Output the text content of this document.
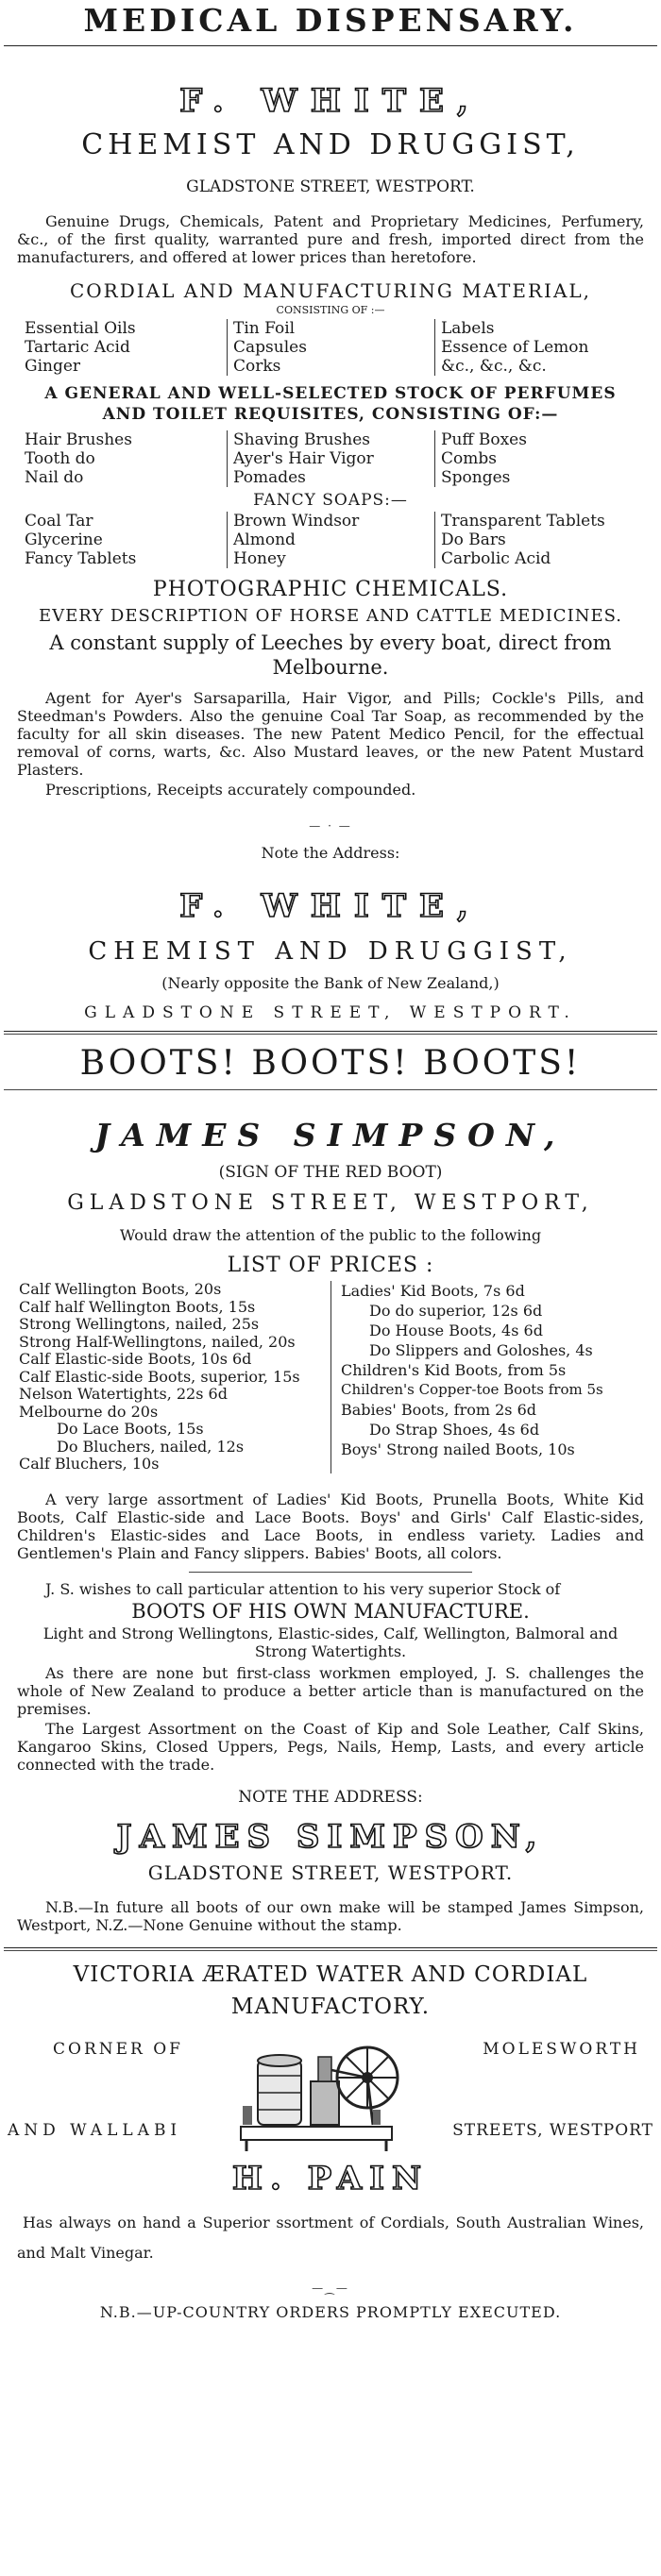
MEDICAL DISPENSARY.
F. WHITE,
CHEMIST AND DRUGGIST,
GLADSTONE STREET, WESTPORT.
Genuine Drugs, Chemicals, Patent and Proprietary Medicines, Perfumery, &c., of the first quality, warranted pure and fresh, imported direct from the manufacturers, and offered at lower prices than heretofore.
CORDIAL AND MANUFACTURING MATERIAL,
CONSISTING OF :—
Essential Oils
Tartaric Acid
Ginger
Tin Foil
Capsules
Corks
Labels
Essence of Lemon
&c., &c., &c.
A GENERAL AND WELL-SELECTED STOCK OF PERFUMES
AND TOILET REQUISITES, CONSISTING OF:—
Hair Brushes
Tooth do
Nail do
Shaving Brushes
Ayer's Hair Vigor
Pomades
Puff Boxes
Combs
Sponges
FANCY SOAPS:—
Coal Tar
Glycerine
Fancy Tablets
Brown Windsor
Almond
Honey
Transparent Tablets
Do Bars
Carbolic Acid
PHOTOGRAPHIC CHEMICALS.
EVERY DESCRIPTION OF HORSE AND CATTLE MEDICINES.
A constant supply of Leeches by every boat, direct from
Melbourne.
Agent for Ayer's Sarsaparilla, Hair Vigor, and Pills; Cockle's Pills, and Steedman's Powders. Also the genuine Coal Tar Soap, as recommended by the faculty for all skin diseases. The new Patent Medico Pencil, for the effectual removal of corns, warts, &c. Also Mustard leaves, or the new Patent Mustard Plasters.
Prescriptions, Receipts accurately compounded.
— · —
Note the Address:
F. WHITE,
CHEMIST AND DRUGGIST,
(Nearly opposite the Bank of New Zealand,)
GLADSTONE STREET, WESTPORT.
BOOTS! BOOTS! BOOTS!
JAMES SIMPSON,
(SIGN OF THE RED BOOT)
GLADSTONE STREET, WESTPORT,
Would draw the attention of the public to the following
LIST OF PRICES :
Calf Wellington Boots, 20s
Calf half Wellington Boots, 15s
Strong Wellingtons, nailed, 25s
Strong Half-Wellingtons, nailed, 20s
Calf Elastic-side Boots, 10s 6d
Calf Elastic-side Boots, superior, 15s
Nelson Watertights, 22s 6d
Melbourne do 20s
Do Lace Boots, 15s
Do Bluchers, nailed, 12s
Calf Bluchers, 10s
Ladies' Kid Boots, 7s 6d
Do do superior, 12s 6d
Do House Boots, 4s 6d
Do Slippers and Goloshes, 4s
Children's Kid Boots, from 5s
Children's Copper-toe Boots from 5s
Babies' Boots, from 2s 6d
Do Strap Shoes, 4s 6d
Boys' Strong nailed Boots, 10s
A very large assortment of Ladies' Kid Boots, Prunella Boots, White Kid Boots, Calf Elastic-side and Lace Boots. Boys' and Girls' Calf Elastic-sides, Children's Elastic-sides and Lace Boots, in endless variety. Ladies and Gentlemen's Plain and Fancy slippers. Babies' Boots, all colors.
J. S. wishes to call particular attention to his very superior Stock of
BOOTS OF HIS OWN MANUFACTURE.
Light and Strong Wellingtons, Elastic-sides, Calf, Wellington, Balmoral and Strong Watertights.
As there are none but first-class workmen employed, J. S. challenges the whole of New Zealand to produce a better article than is manufactured on the premises.
The Largest Assortment on the Coast of Kip and Sole Leather, Calf Skins, Kangaroo Skins, Closed Uppers, Pegs, Nails, Hemp, Lasts, and every article connected with the trade.
NOTE THE ADDRESS:
JAMES SIMPSON,
GLADSTONE STREET, WESTPORT.
N.B.—In future all boots of our own make will be stamped James Simpson, Westport, N.Z.—None Genuine without the stamp.
VICTORIA ÆRATED WATER AND CORDIAL
MANUFACTORY.
CORNER OF	MOLESWORTH
AND WALLABI	STREETS, WESTPORT
H. PAIN
Has always on hand a Superior ssortment of Cordials, South Australian Wines, and Malt Vinegar.
—⁔—
N.B.—UP-COUNTRY ORDERS PROMPTLY EXECUTED.
